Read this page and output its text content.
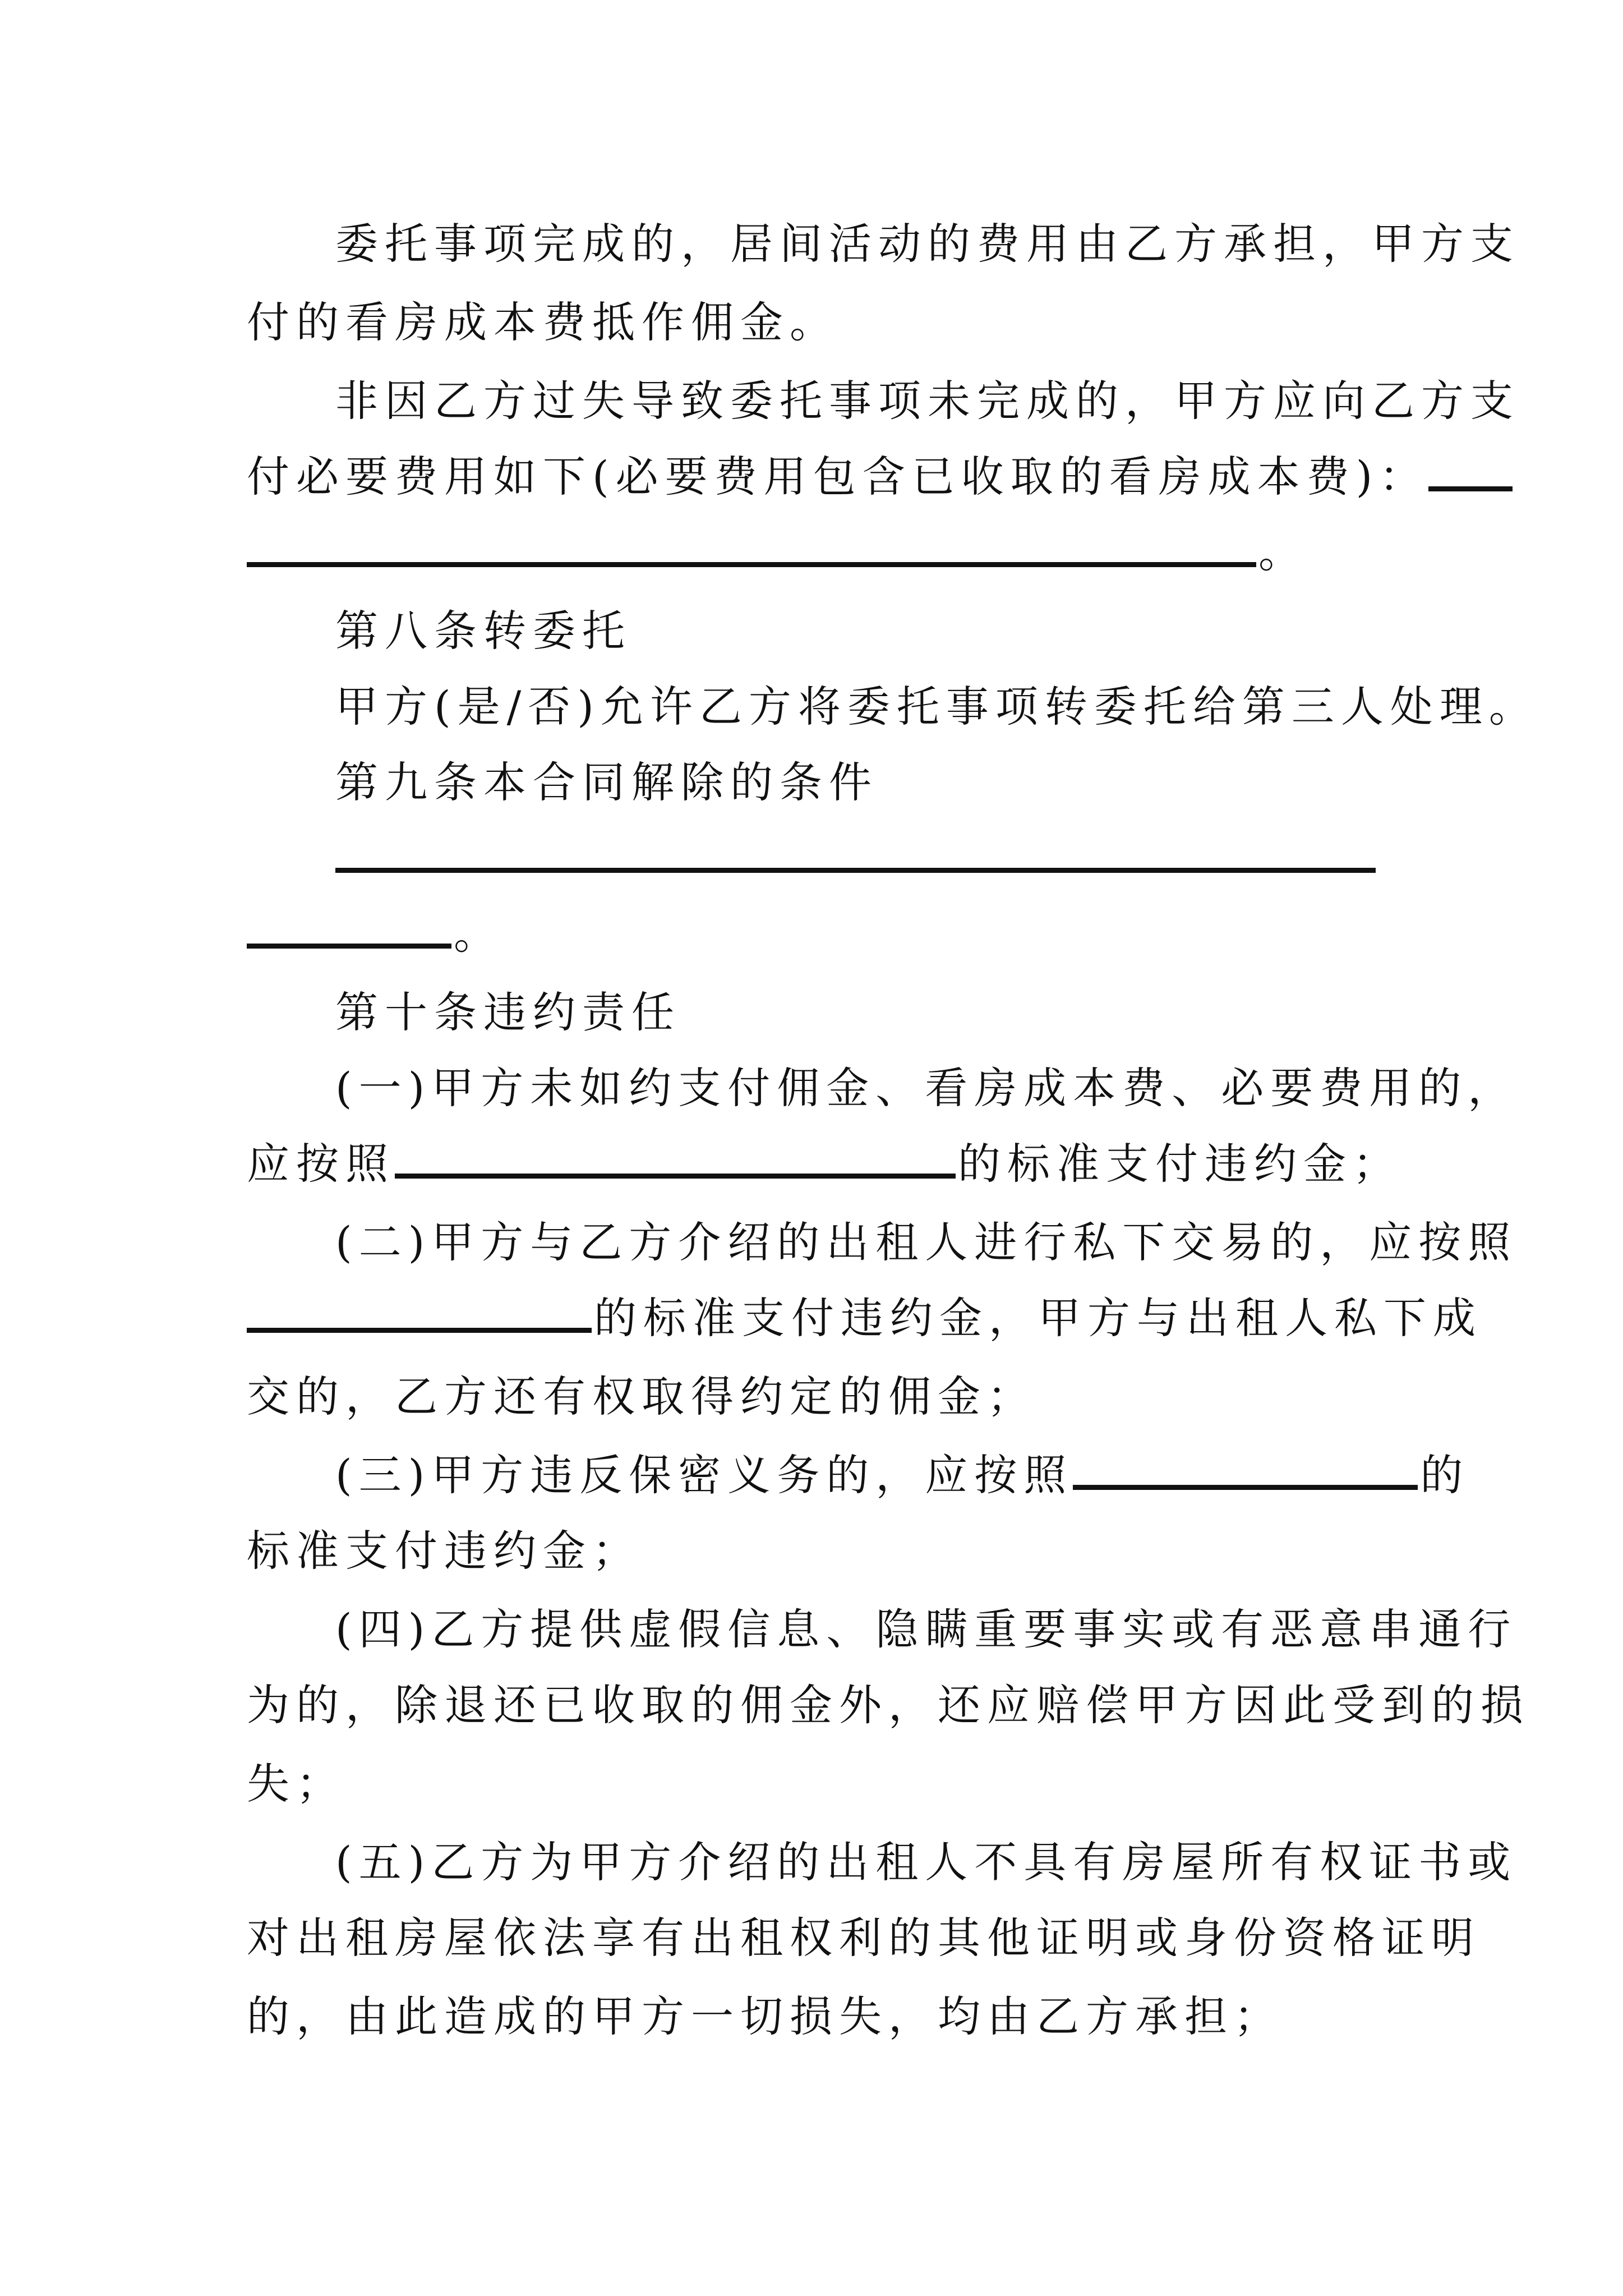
委托事项完成的，居间活动的费用由乙方承担，甲方支
付的看房成本费抵作佣金。
非因乙方过失导致委托事项未完成的，甲方应向乙方支
付必要费用如下(必要费用包含已收取的看房成本费)：
。
第八条转委托
甲方(是/否)允许乙方将委托事项转委托给第三人处理。
第九条本合同解除的条件
。
第十条违约责任
(一)甲方未如约支付佣金、看房成本费、必要费用的，
应按照	的标准支付违约金；
(二)甲方与乙方介绍的出租人进行私下交易的，应按照
的标准支付违约金，甲方与出租人私下成
交的，乙方还有权取得约定的佣金；
(三)甲方违反保密义务的，应按照	的
标准支付违约金；
(四)乙方提供虚假信息、隐瞒重要事实或有恶意串通行
为的，除退还已收取的佣金外，还应赔偿甲方因此受到的损
失；
(五)乙方为甲方介绍的出租人不具有房屋所有权证书或
对出租房屋依法享有出租权利的其他证明或身份资格证明
的，由此造成的甲方一切损失，均由乙方承担；
